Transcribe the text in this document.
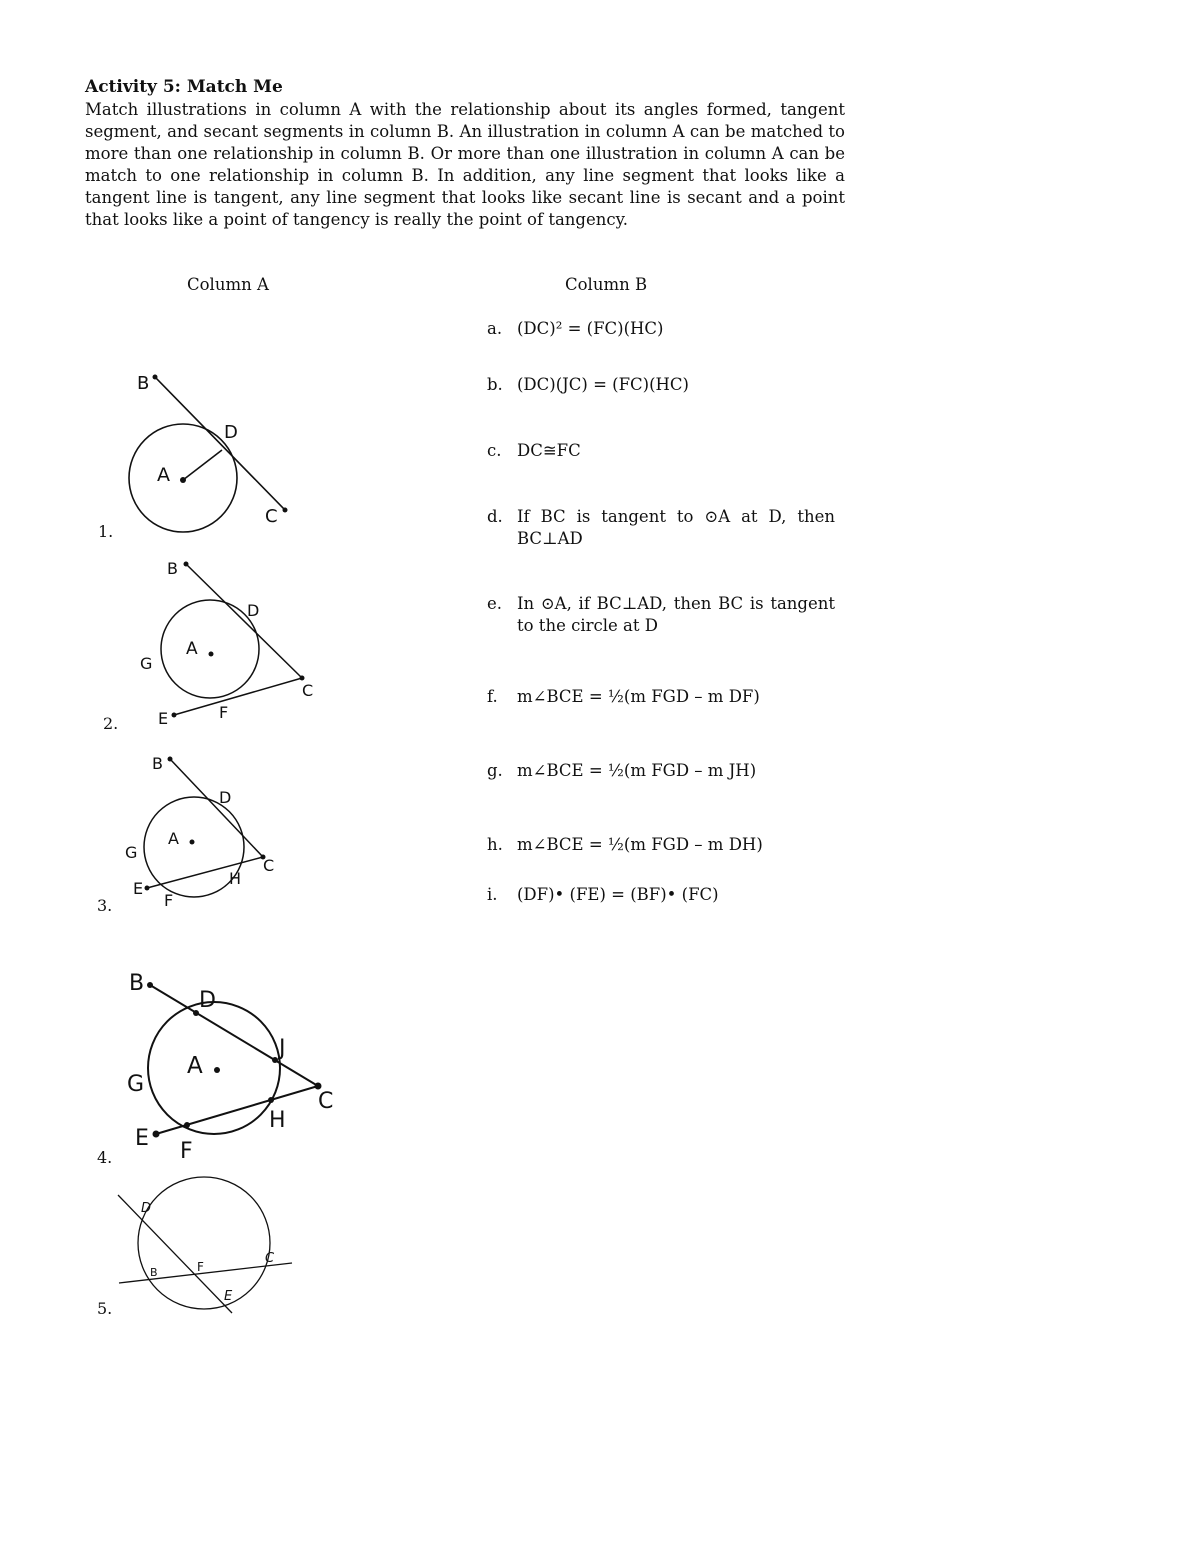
Activity 5: Match Me
Match illustrations in column A with the relationship about its angles formed, tangent segment, and secant segments in column B. An illustration in column A can be matched to more than one relationship in column B. Or more than one illustration in column A can be match to one relationship in column B. In addition, any line segment that looks like a tangent line is tangent, any line segment that looks like secant line is secant and a point that looks like a point of tangency is really the point of tangency.
Column A	Column B
1.
2.
3.
4.
5.
B
D
A
C
B
D
G
A
C
E	F
B
D
G
A
C
E
F
H
B
D
J
G
A
C
H
E
F
D
B	F
C
E
a. (DC)² = (FC)(HC)
b. (DC)(JC) = (FC)(HC)
c. DC≅FC
d. If BC is tangent to ⊙A at D, then BC⊥AD
e. In ⊙A, if BC⊥AD, then BC is tangent to the circle at D
f. m∠BCE = ½(m FGD – m DF)
g. m∠BCE = ½(m FGD – m JH)
h. m∠BCE = ½(m FGD – m DH)
i. (DF)• (FE) = (BF)• (FC)
